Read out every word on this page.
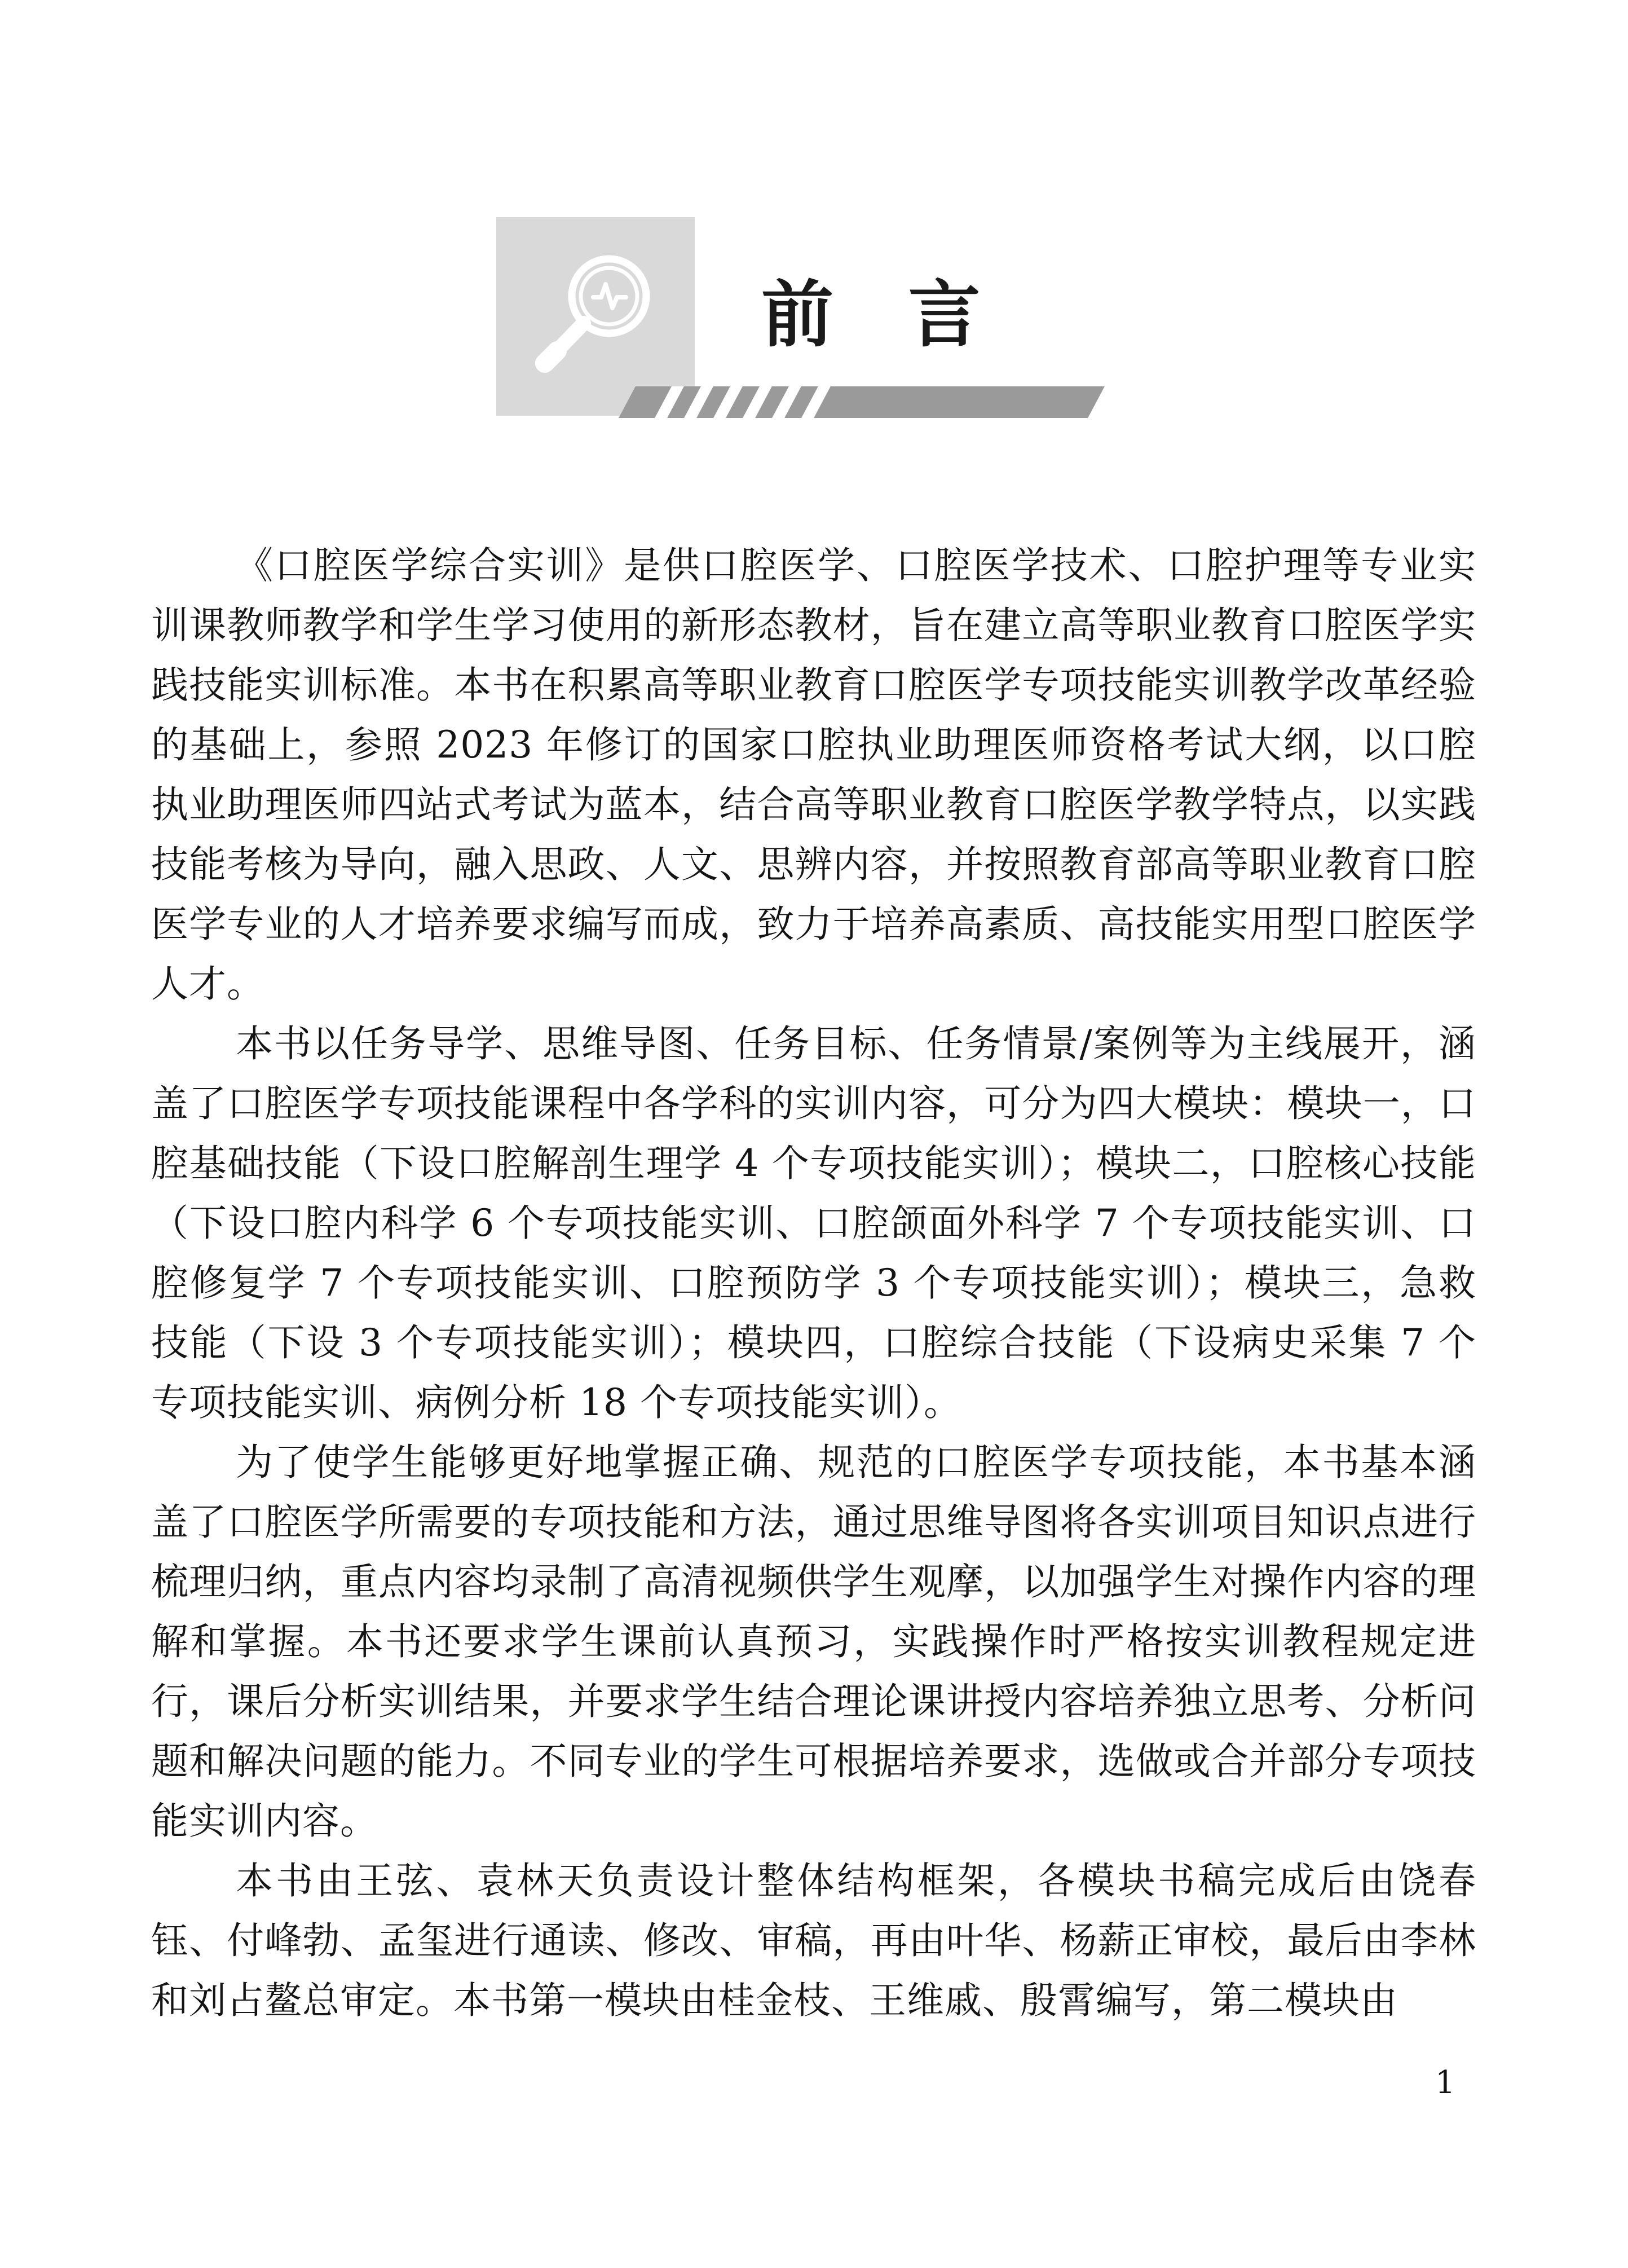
前 言

《口腔医学综合实训》是供口腔医学、口腔医学技术、口腔护理等专业实训课教师教学和学生学习使用的新形态教材，旨在建立高等职业教育口腔医学实践技能实训标准。本书在积累高等职业教育口腔医学专项技能实训教学改革经验的基础上，参照 2023 年修订的国家口腔执业助理医师资格考试大纲，以口腔执业助理医师四站式考试为蓝本，结合高等职业教育口腔医学教学特点，以实践技能考核为导向，融入思政、人文、思辨内容，并按照教育部高等职业教育口腔医学专业的人才培养要求编写而成，致力于培养高素质、高技能实用型口腔医学人才。

本书以任务导学、思维导图、任务目标、任务情景/案例等为主线展开，涵盖了口腔医学专项技能课程中各学科的实训内容，可分为四大模块：模块一，口腔基础技能（下设口腔解剖生理学 4 个专项技能实训）；模块二，口腔核心技能（下设口腔内科学 6 个专项技能实训、口腔颌面外科学 7 个专项技能实训、口腔修复学 7 个专项技能实训、口腔预防学 3 个专项技能实训）；模块三，急救技能（下设 3 个专项技能实训）；模块四，口腔综合技能（下设病史采集 7 个专项技能实训、病例分析 18 个专项技能实训）。

为了使学生能够更好地掌握正确、规范的口腔医学专项技能，本书基本涵盖了口腔医学所需要的专项技能和方法，通过思维导图将各实训项目知识点进行梳理归纳，重点内容均录制了高清视频供学生观摩，以加强学生对操作内容的理解和掌握。本书还要求学生课前认真预习，实践操作时严格按实训教程规定进行，课后分析实训结果，并要求学生结合理论课讲授内容培养独立思考、分析问题和解决问题的能力。不同专业的学生可根据培养要求，选做或合并部分专项技能实训内容。

本书由王弦、袁林天负责设计整体结构框架，各模块书稿完成后由饶春钰、付峰勃、孟玺进行通读、修改、审稿，再由叶华、杨薪正审校，最后由李林和刘占鳌总审定。本书第一模块由桂金枝、王维戚、殷霄编写，第二模块由

1
